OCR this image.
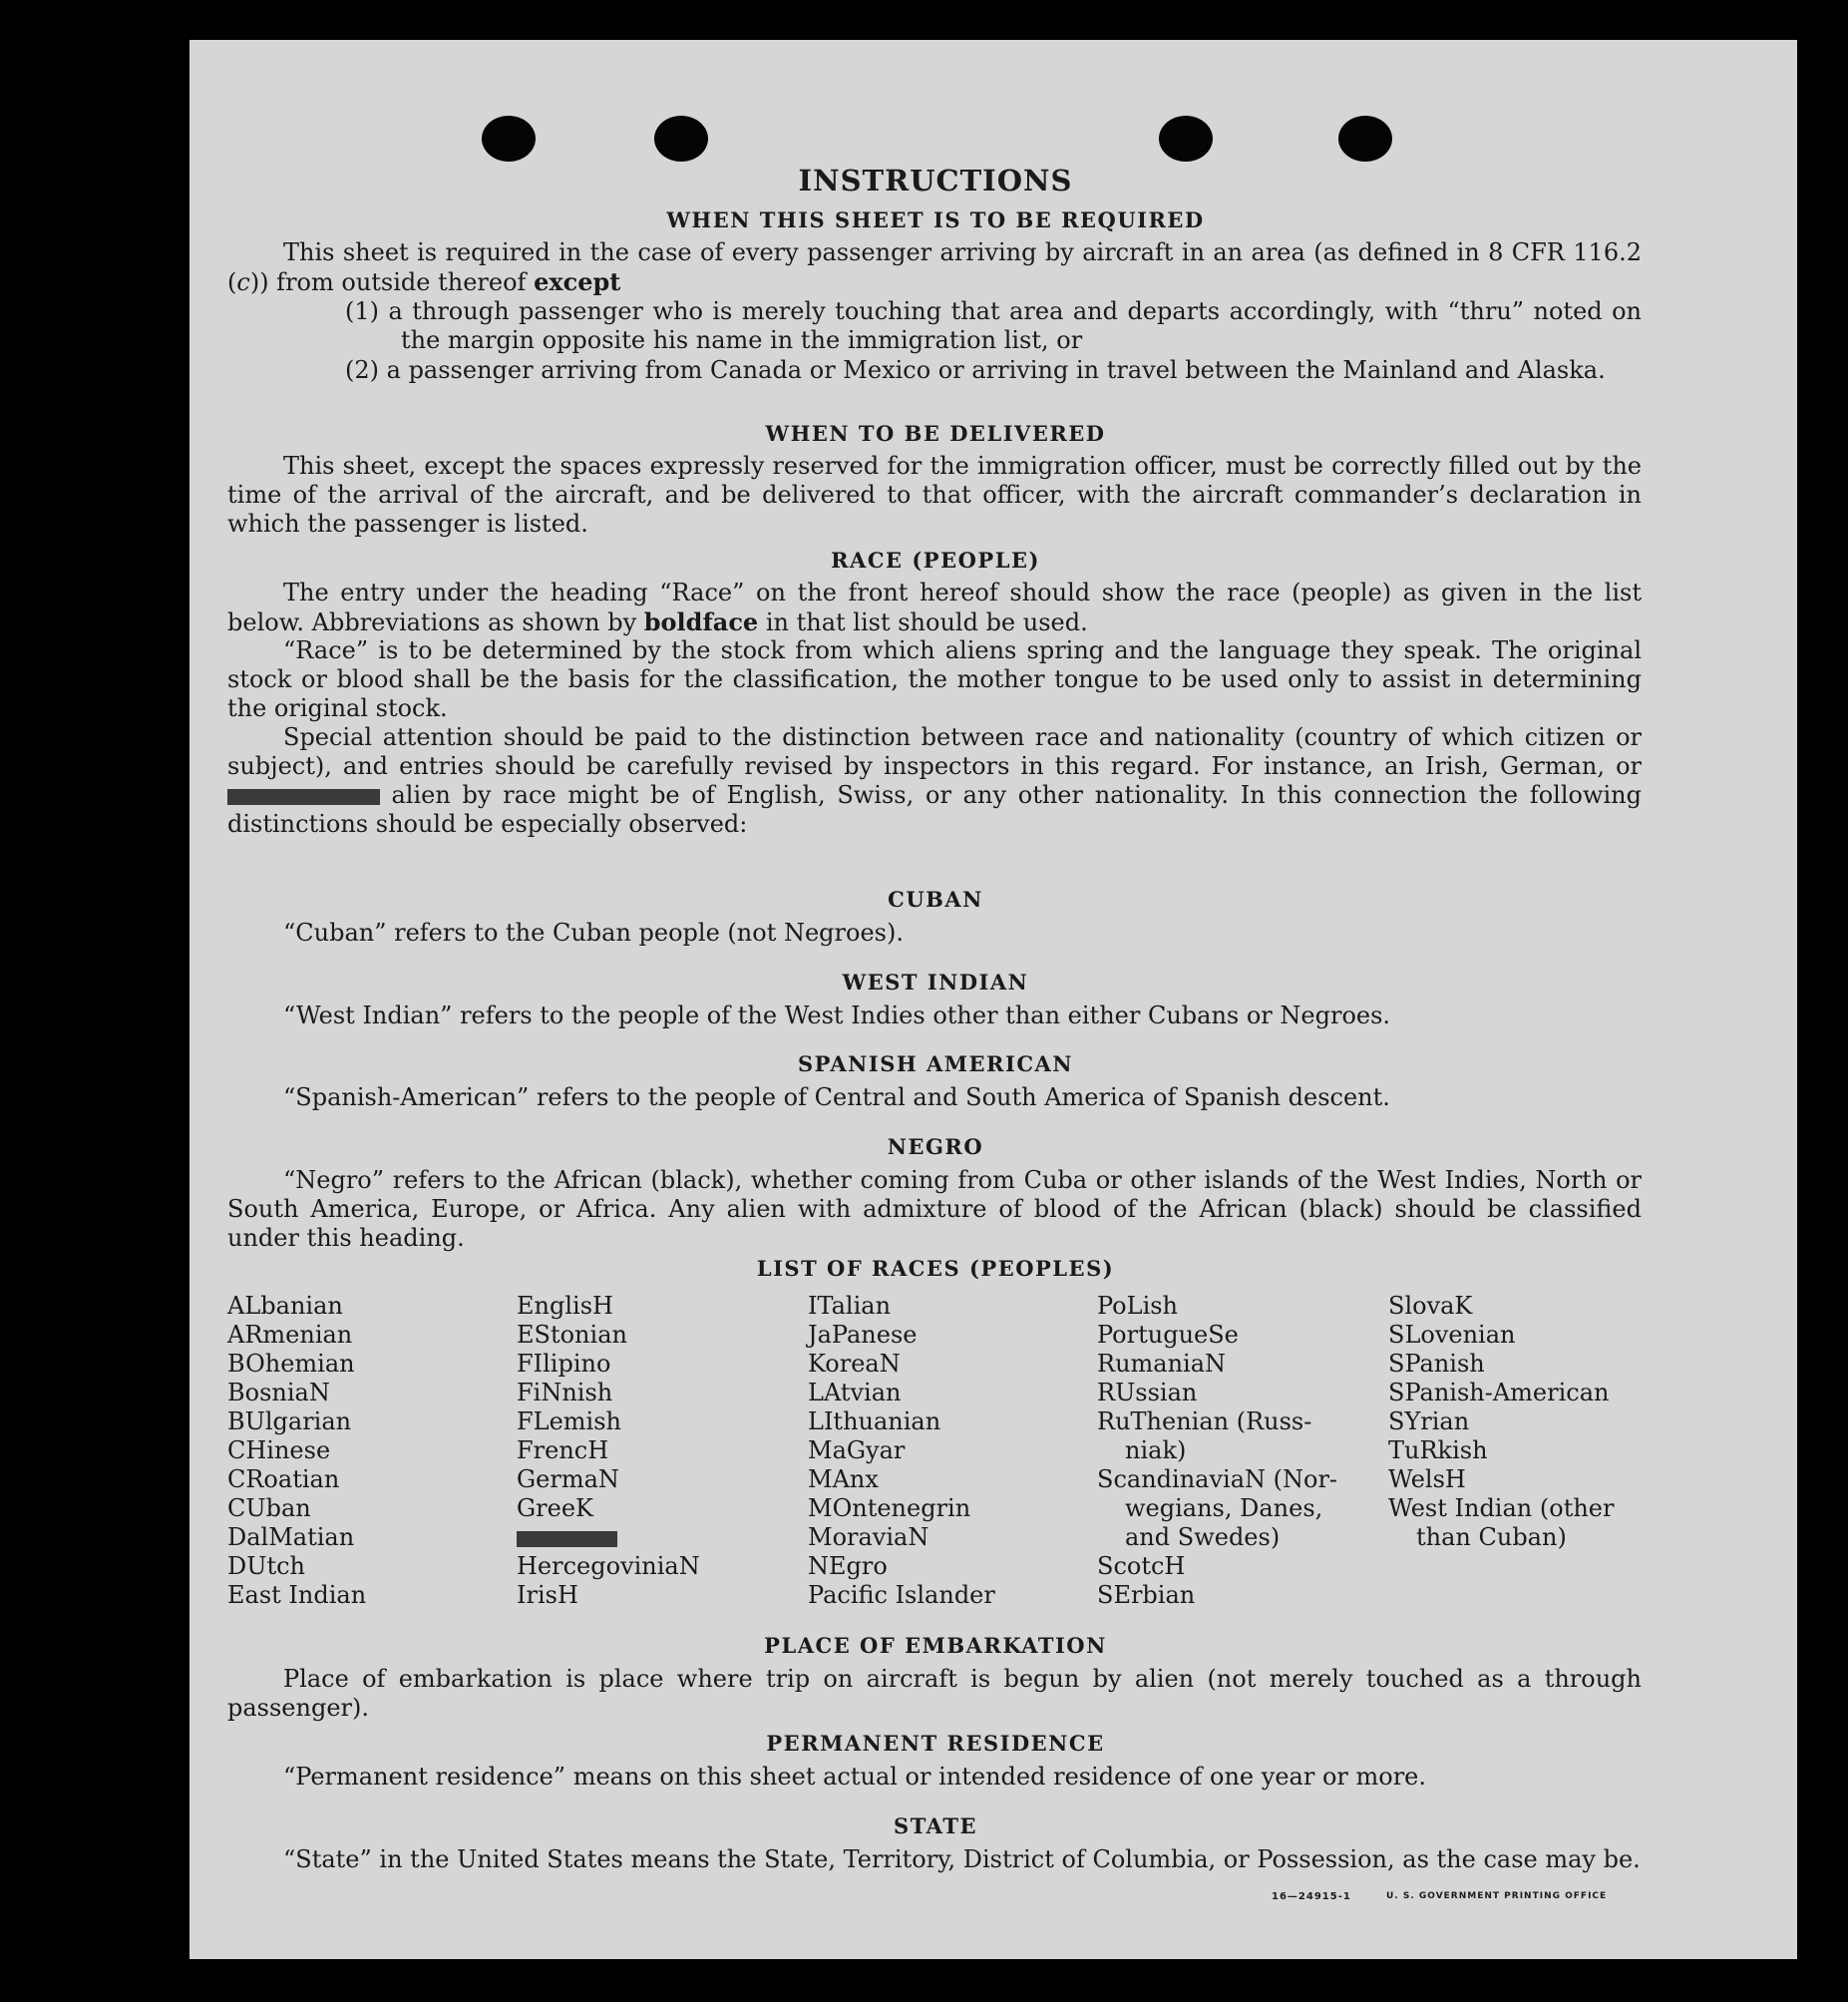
INSTRUCTIONS
WHEN THIS SHEET IS TO BE REQUIRED
This sheet is required in the case of every passenger arriving by aircraft in an area (as defined in 8 CFR 116.2 (c)) from outside thereof except
(1) a through passenger who is merely touching that area and departs accordingly, with “thru” noted on the margin opposite his name in the immigration list, or
(2) a passenger arriving from Canada or Mexico or arriving in travel between the Mainland and Alaska.
WHEN TO BE DELIVERED
This sheet, except the spaces expressly reserved for the immigration officer, must be correctly filled out by the time of the arrival of the aircraft, and be delivered to that officer, with the aircraft commander’s declaration in which the passenger is listed.
RACE (PEOPLE)
The entry under the heading “Race” on the front hereof should show the race (people) as given in the list below. Abbreviations as shown by boldface in that list should be used.
“Race” is to be determined by the stock from which aliens spring and the language they speak. The original stock or blood shall be the basis for the classification, the mother tongue to be used only to assist in determining the original stock.
Special attention should be paid to the distinction between race and nationality (country of which citizen or subject), and entries should be carefully revised by inspectors in this regard. For instance, an Irish, German, or  alien by race might be of English, Swiss, or any other nationality. In this connection the following distinctions should be especially observed:
CUBAN
“Cuban” refers to the Cuban people (not Negroes).
WEST INDIAN
“West Indian” refers to the people of the West Indies other than either Cubans or Negroes.
SPANISH AMERICAN
“Spanish-American” refers to the people of Central and South America of Spanish descent.
NEGRO
“Negro” refers to the African (black), whether coming from Cuba or other islands of the West Indies, North or South America, Europe, or Africa. Any alien with admixture of blood of the African (black) should be classified under this heading.
LIST OF RACES (PEOPLES)
ALbanian
ARmenian
BOhemian
BosniaN
BUlgarian
CHinese
CRoatian
CUban
DalMatian
DUtch
East Indian
EnglisH
EStonian
FIlipino
FiNnish
FLemish
FrencH
GermaN
GreeK
HercegoviniaN
IrisH
ITalian
JaPanese
KoreaN
LAtvian
LIthuanian
MaGyar
MAnx
MOntenegrin
MoraviaN
NEgro
Pacific Islander
PoLish
PortugueSe
RumaniaN
RUssian
RuThenian (Russ-
niak)
ScandinaviaN (Nor-
wegians, Danes,
and Swedes)
ScotcH
SErbian
SlovaK
SLovenian
SPanish
SPanish-American
SYrian
TuRkish
WelsH
West Indian (other
than Cuban)
PLACE OF EMBARKATION
Place of embarkation is place where trip on aircraft is begun by alien (not merely touched as a through passenger).
PERMANENT RESIDENCE
“Permanent residence” means on this sheet actual or intended residence of one year or more.
STATE
“State” in the United States means the State, Territory, District of Columbia, or Possession, as the case may be.
16—24915-1	U. S. GOVERNMENT PRINTING OFFICE
